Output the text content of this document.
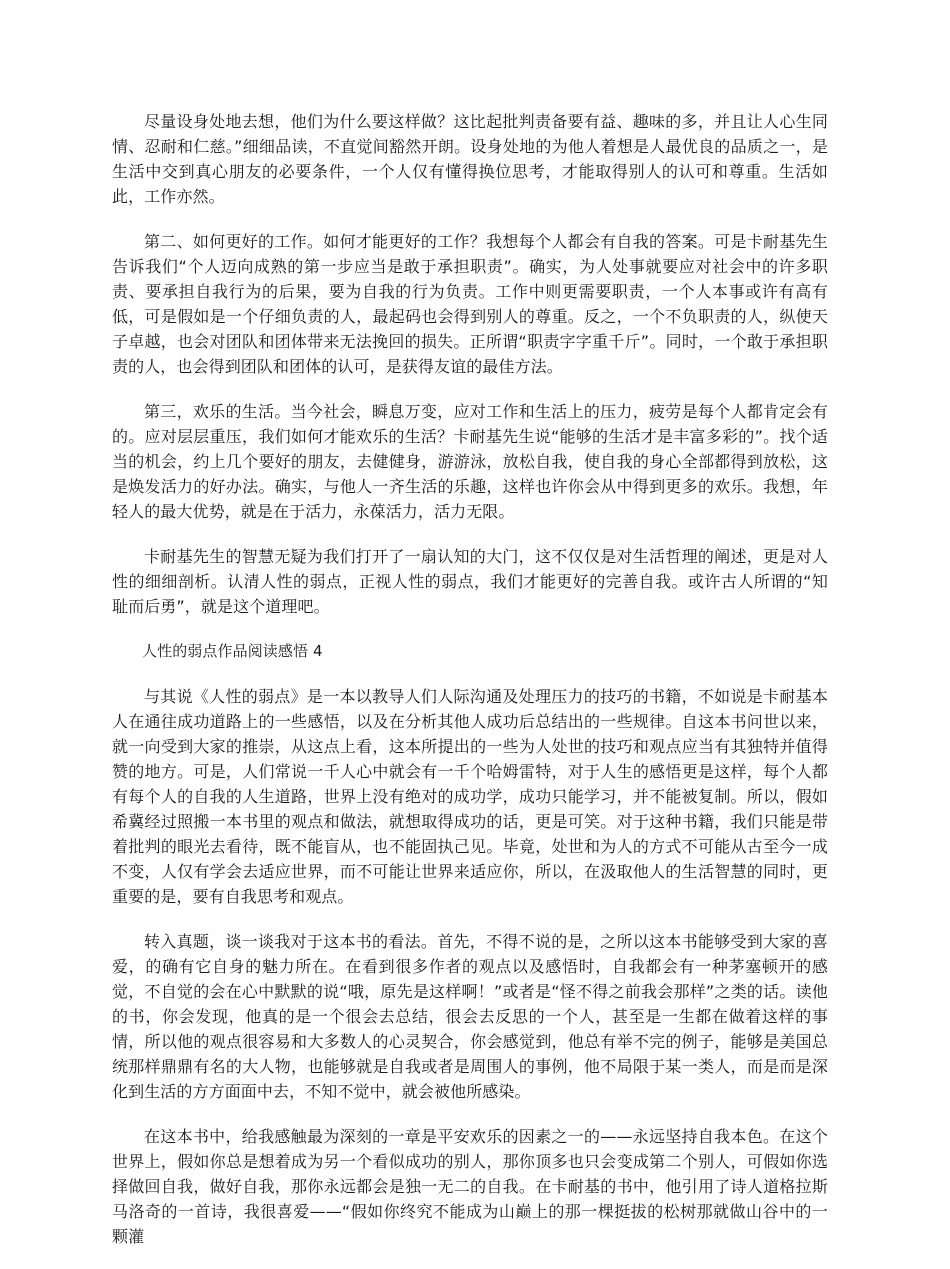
尽量设身处地去想，他们为什么要这样做？这比起批判责备要有益、趣味的多，并且让人心生同情、忍耐和仁慈。”细细品读，不直觉间豁然开朗。设身处地的为他人着想是人最优良的品质之一，是生活中交到真心朋友的必要条件，一个人仅有懂得换位思考，才能取得别人的认可和尊重。生活如此，工作亦然。

第二、如何更好的工作。如何才能更好的工作？我想每个人都会有自我的答案。可是卡耐基先生告诉我们“个人迈向成熟的第一步应当是敢于承担职责”。确实，为人处事就要应对社会中的许多职责、要承担自我行为的后果，要为自我的行为负责。工作中则更需要职责，一个人本事或许有高有低，可是假如是一个仔细负责的人，最起码也会得到别人的尊重。反之，一个不负职责的人，纵使天子卓越，也会对团队和团体带来无法挽回的损失。正所谓“职责字字重千斤”。同时，一个敢于承担职责的人，也会得到团队和团体的认可，是获得友谊的最佳方法。

第三，欢乐的生活。当今社会，瞬息万变，应对工作和生活上的压力，疲劳是每个人都肯定会有的。应对层层重压，我们如何才能欢乐的生活？卡耐基先生说“能够的生活才是丰富多彩的”。找个适当的机会，约上几个要好的朋友，去健健身，游游泳，放松自我，使自我的身心全部都得到放松，这是焕发活力的好办法。确实，与他人一齐生活的乐趣，这样也许你会从中得到更多的欢乐。我想，年轻人的最大优势，就是在于活力，永葆活力，活力无限。

卡耐基先生的智慧无疑为我们打开了一扇认知的大门，这不仅仅是对生活哲理的阐述，更是对人性的细细剖析。认清人性的弱点，正视人性的弱点，我们才能更好的完善自我。或许古人所谓的“知耻而后勇”，就是这个道理吧。

人性的弱点作品阅读感悟 4

与其说《人性的弱点》是一本以教导人们人际沟通及处理压力的技巧的书籍，不如说是卡耐基本人在通往成功道路上的一些感悟，以及在分析其他人成功后总结出的一些规律。自这本书问世以来，就一向受到大家的推崇，从这点上看，这本所提出的一些为人处世的技巧和观点应当有其独特并值得赞的地方。可是，人们常说一千人心中就会有一千个哈姆雷特，对于人生的感悟更是这样，每个人都有每个人的自我的人生道路，世界上没有绝对的成功学，成功只能学习，并不能被复制。所以，假如希冀经过照搬一本书里的观点和做法，就想取得成功的话，更是可笑。对于这种书籍，我们只能是带着批判的眼光去看待，既不能盲从，也不能固执己见。毕竟，处世和为人的方式不可能从古至今一成不变，人仅有学会去适应世界，而不可能让世界来适应你，所以，在汲取他人的生活智慧的同时，更重要的是，要有自我思考和观点。

转入真题，谈一谈我对于这本书的看法。首先，不得不说的是，之所以这本书能够受到大家的喜爱，的确有它自身的魅力所在。在看到很多作者的观点以及感悟时，自我都会有一种茅塞顿开的感觉，不自觉的会在心中默默的说“哦，原先是这样啊！”或者是“怪不得之前我会那样”之类的话。读他的书，你会发现，他真的是一个很会去总结，很会去反思的一个人，甚至是一生都在做着这样的事情，所以他的观点很容易和大多数人的心灵契合，你会感觉到，他总有举不完的例子，能够是美国总统那样鼎鼎有名的大人物，也能够就是自我或者是周围人的事例，他不局限于某一类人，而是而是深化到生活的方方面面中去，不知不觉中，就会被他所感染。

在这本书中，给我感触最为深刻的一章是平安欢乐的因素之一的——永远坚持自我本色。在这个世界上，假如你总是想着成为另一个看似成功的别人，那你顶多也只会变成第二个别人，可假如你选择做回自我，做好自我，那你永远都会是独一无二的自我。在卡耐基的书中，他引用了诗人道格拉斯马洛奇的一首诗，我很喜爱——“假如你终究不能成为山巅上的那一棵挺拔的松树那就做山谷中的一颗灌
